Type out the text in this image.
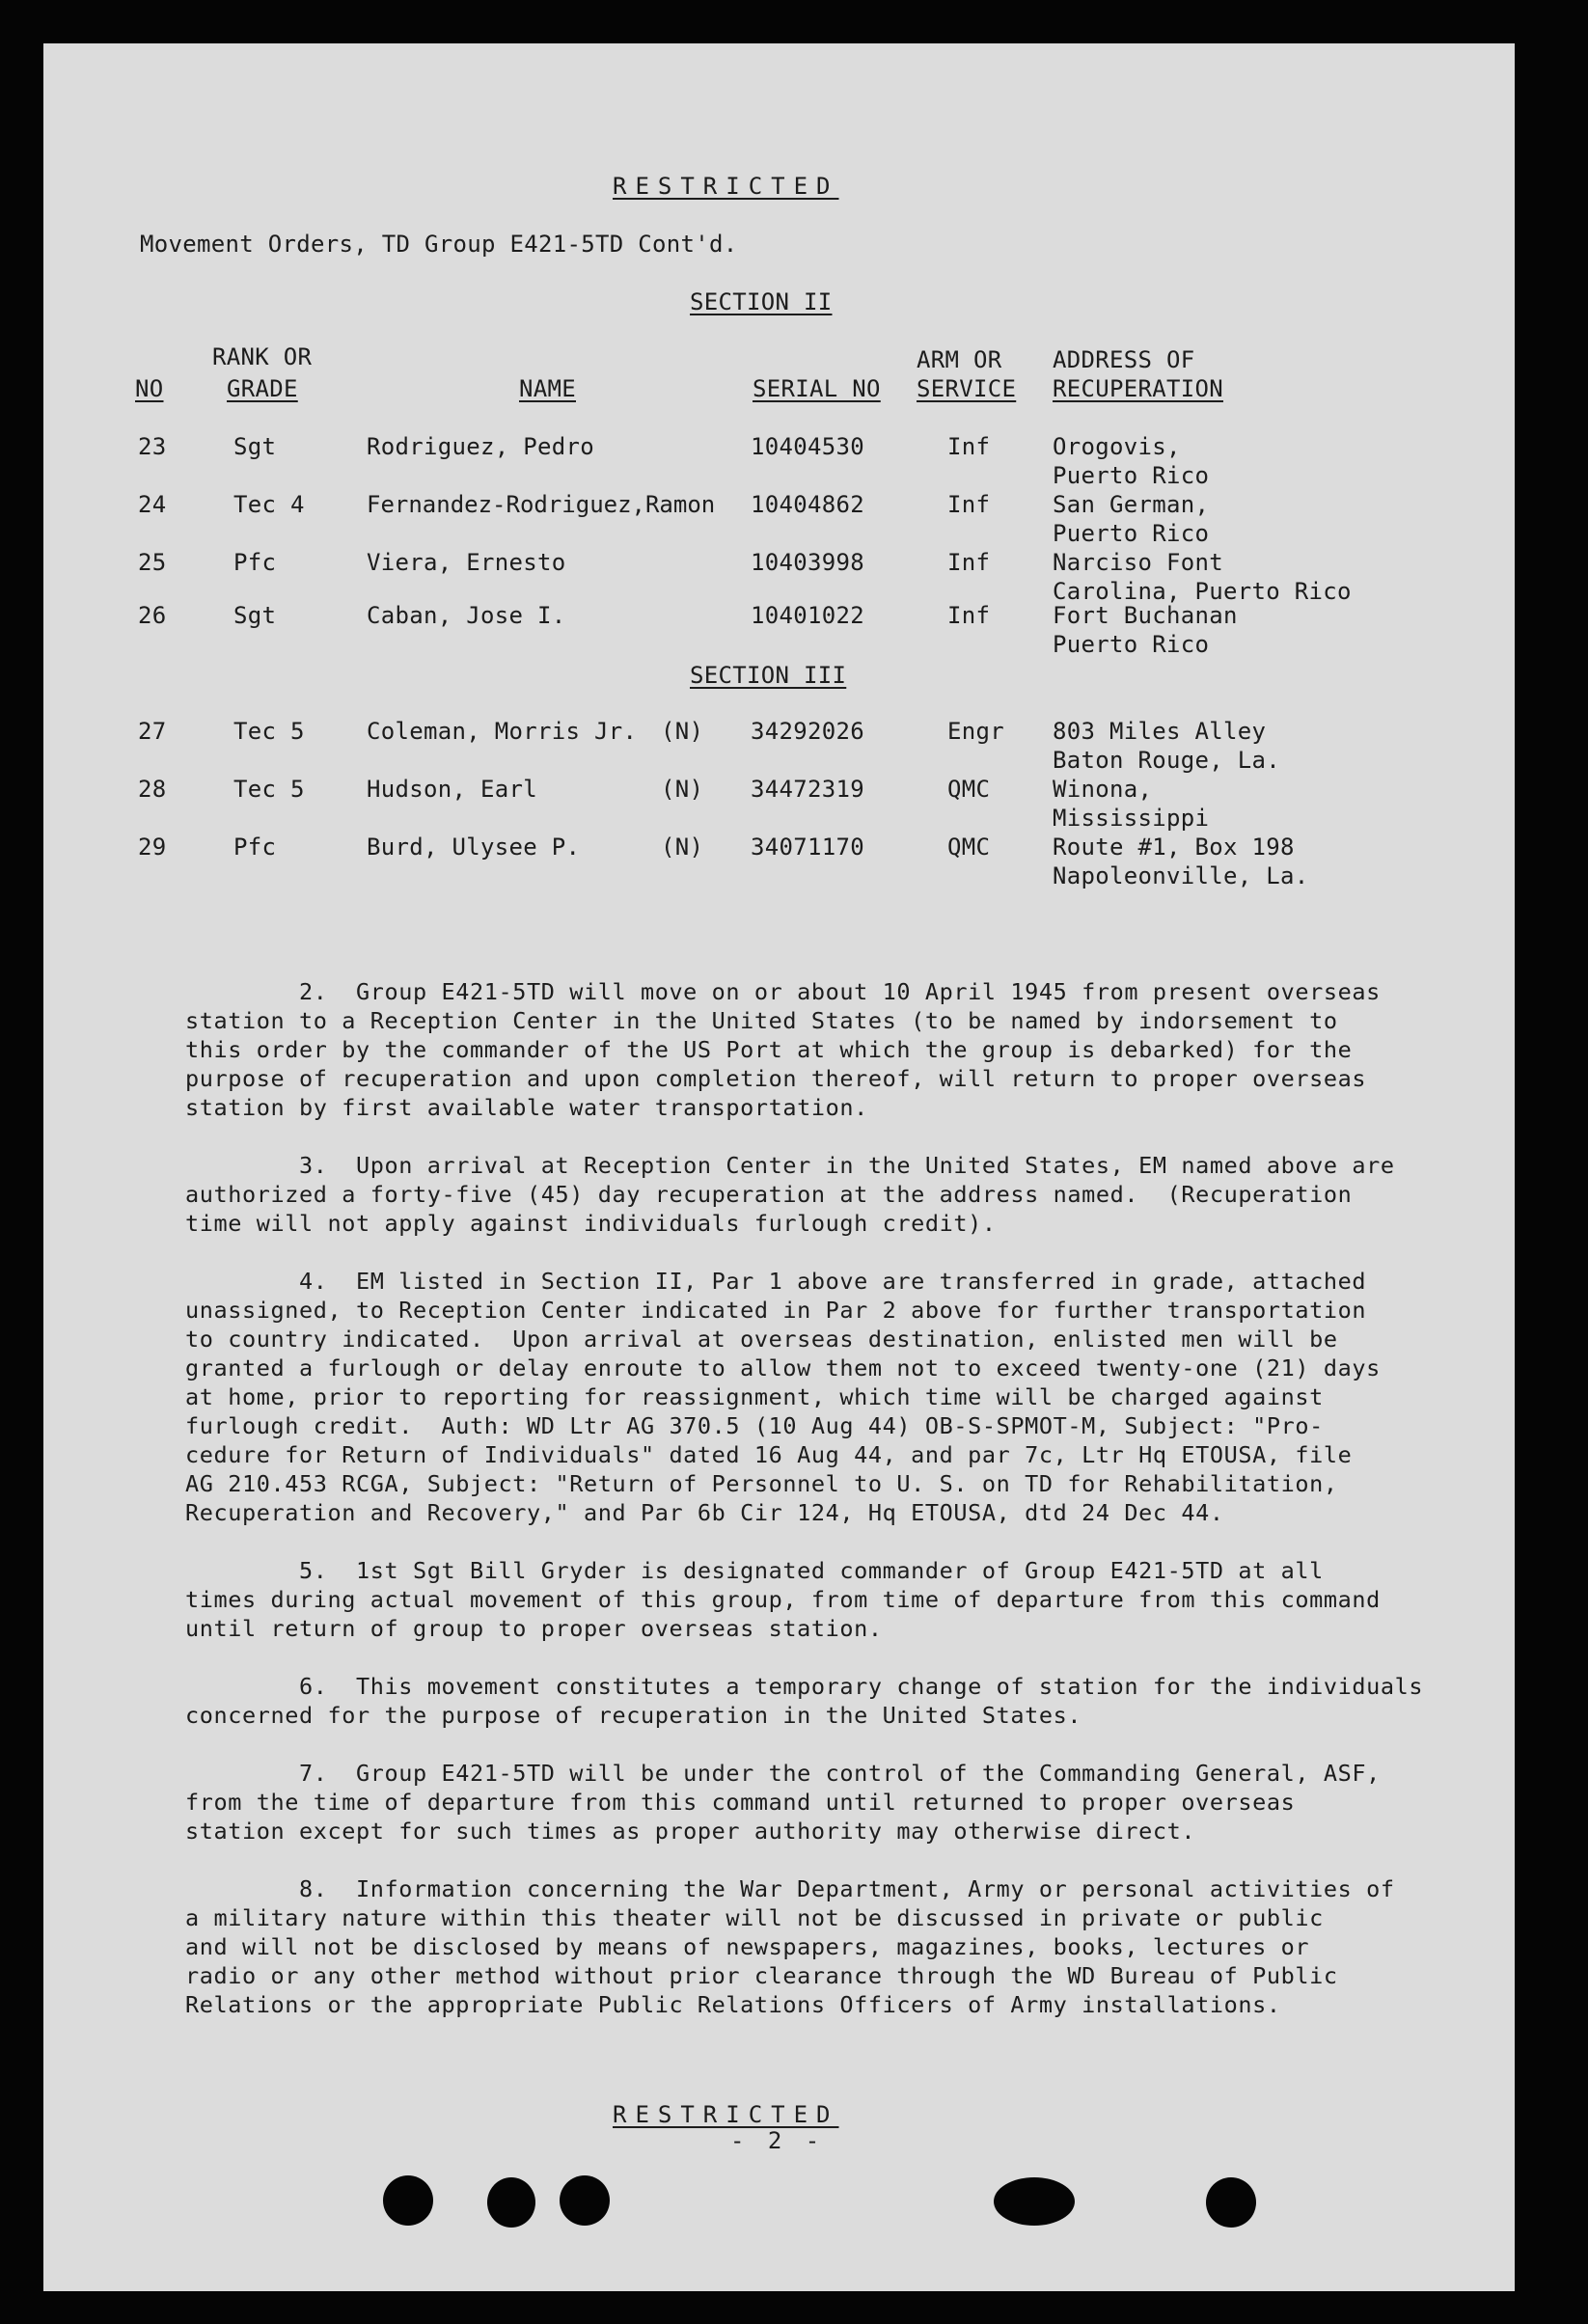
RESTRICTED
Movement Orders, TD Group E421-5TD Cont'd.
SECTION II
RANK OR
NO	GRADE	NAME	SERIAL NO
ARM OR
SERVICE
ADDRESS OF
RECUPERATION
23	Sgt	Rodriguez, Pedro	10404530	Inf	Orogovis,
Puerto Rico
24	Tec 4	Fernandez-Rodriguez,Ramon 10404862	Inf	San German,
Puerto Rico
25	Pfc	Viera, Ernesto	10403998	Inf	Narciso Font
Carolina, Puerto Rico
26	Sgt	Caban, Jose I.	10401022	Inf	Fort Buchanan
Puerto Rico
SECTION III
27	Tec 5	Coleman, Morris Jr. (N) 34292026	Engr 803 Miles Alley
Baton Rouge, La.
28	Tec 5	Hudson, Earl	(N) 34472319	QMC	Winona,
Mississippi
29	Pfc	Burd, Ulysee P.	(N) 34071170	QMC	Route #1, Box 198
Napoleonville, La.
2.  Group E421-5TD will move on or about 10 April 1945 from present overseas
station to a Reception Center in the United States (to be named by indorsement to
this order by the commander of the US Port at which the group is debarked) for the
purpose of recuperation and upon completion thereof, will return to proper overseas
station by first available water transportation.
3.  Upon arrival at Reception Center in the United States, EM named above are
authorized a forty-five (45) day recuperation at the address named.  (Recuperation
time will not apply against individuals furlough credit).
4.  EM listed in Section II, Par 1 above are transferred in grade, attached
unassigned, to Reception Center indicated in Par 2 above for further transportation
to country indicated.  Upon arrival at overseas destination, enlisted men will be
granted a furlough or delay enroute to allow them not to exceed twenty-one (21) days
at home, prior to reporting for reassignment, which time will be charged against
furlough credit.  Auth: WD Ltr AG 370.5 (10 Aug 44) OB-S-SPMOT-M, Subject: "Pro-
cedure for Return of Individuals" dated 16 Aug 44, and par 7c, Ltr Hq ETOUSA, file
AG 210.453 RCGA, Subject: "Return of Personnel to U. S. on TD for Rehabilitation,
Recuperation and Recovery," and Par 6b Cir 124, Hq ETOUSA, dtd 24 Dec 44.
5.  1st Sgt Bill Gryder is designated commander of Group E421-5TD at all
times during actual movement of this group, from time of departure from this command
until return of group to proper overseas station.
6.  This movement constitutes a temporary change of station for the individuals
concerned for the purpose of recuperation in the United States.
7.  Group E421-5TD will be under the control of the Commanding General, ASF,
from the time of departure from this command until returned to proper overseas
station except for such times as proper authority may otherwise direct.
8.  Information concerning the War Department, Army or personal activities of
a military nature within this theater will not be discussed in private or public
and will not be disclosed by means of newspapers, magazines, books, lectures or
radio or any other method without prior clearance through the WD Bureau of Public
Relations or the appropriate Public Relations Officers of Army installations.
RESTRICTED
- 2 -
